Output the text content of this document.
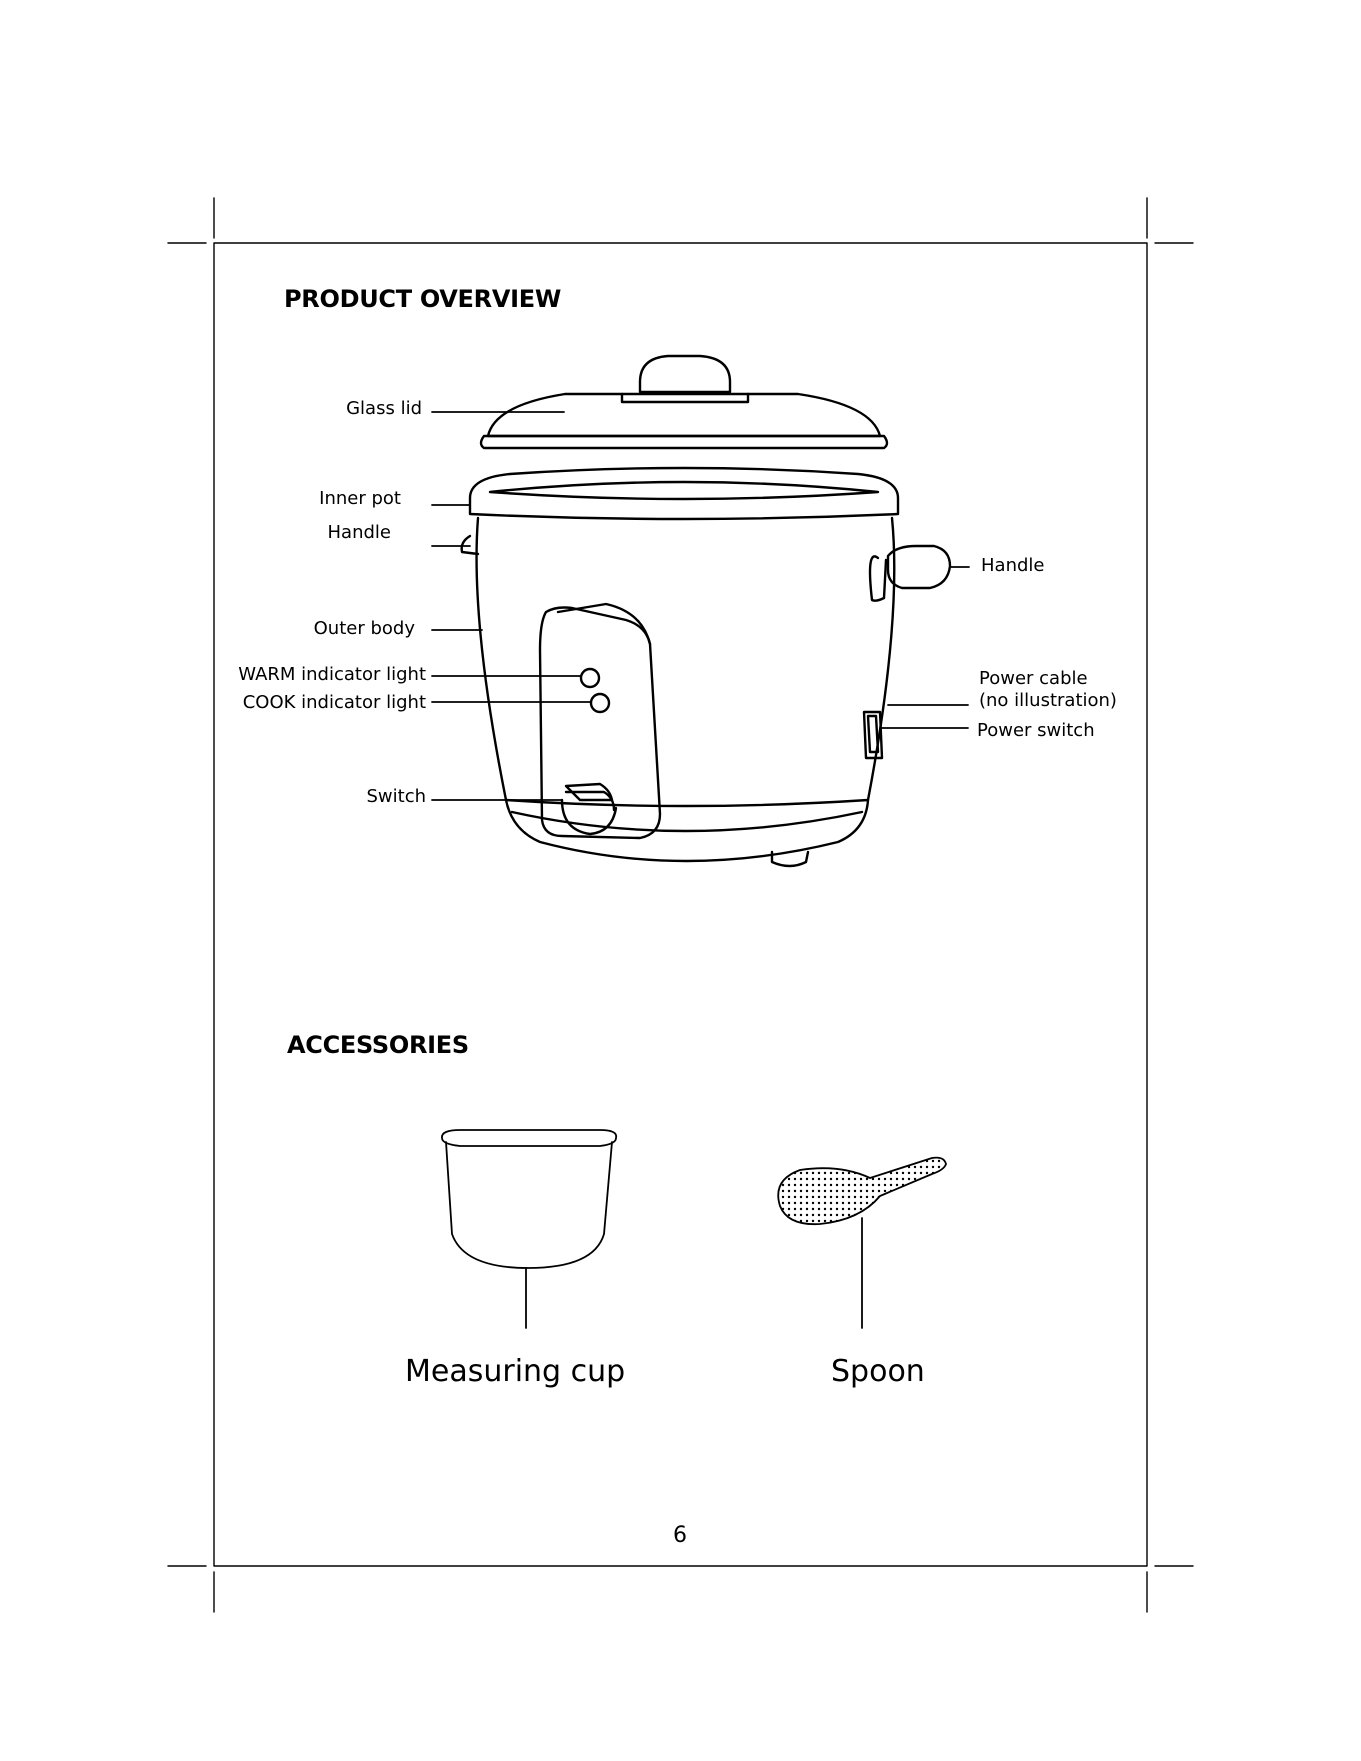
PRODUCT OVERVIEW
ACCESSORIES
Glass lid
Inner pot
Handle
Outer body
WARM indicator light
COOK indicator light
Switch
Handle
Power cable
(no illustration)
Power switch
Measuring cup	Spoon
6
